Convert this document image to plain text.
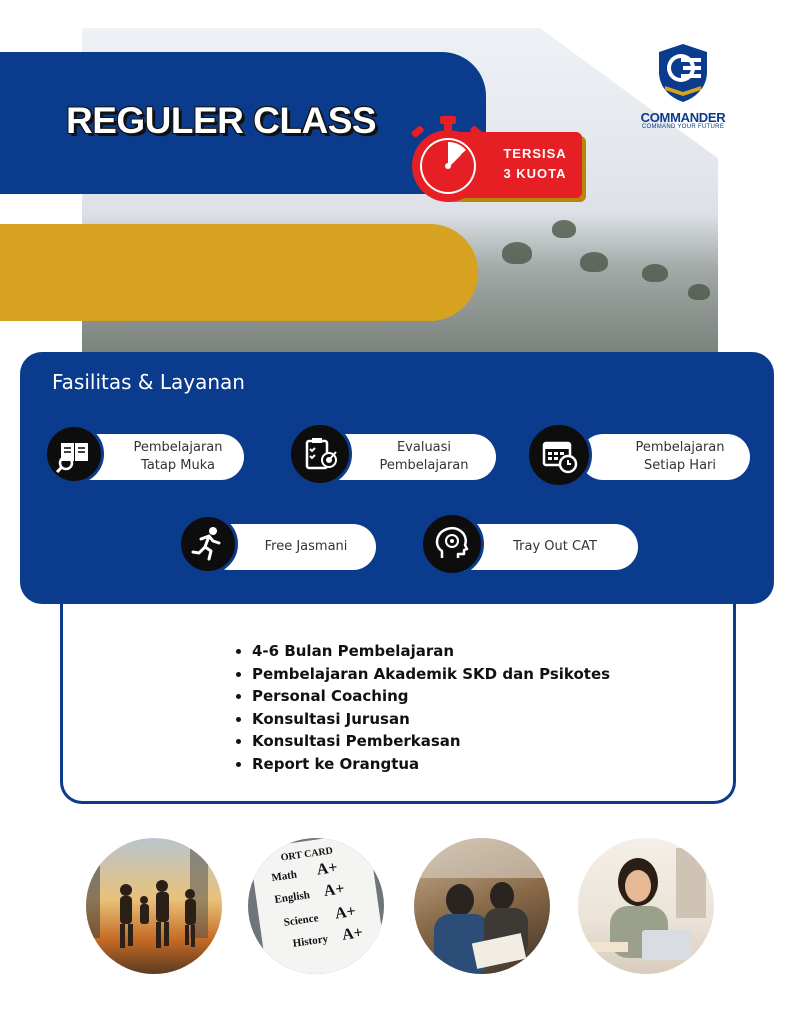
REGULER CLASS
TERSISA
3 KUOTA
COMMANDER
COMMAND YOUR FUTURE
Fasilitas & Layanan
Pembelajaran
Tatap Muka
Evaluasi
Pembelajaran
Pembelajaran
Setiap Hari
Free Jasmani	Tray Out CAT
• 4-6 Bulan Pembelajaran
• Pembelajaran Akademik SKD dan Psikotes
• Personal Coaching
• Konsultasi Jurusan
• Konsultasi Pemberkasan
• Report ke Orangtua
ORT CARD
Math A+
English A+
Science A+
History A+
